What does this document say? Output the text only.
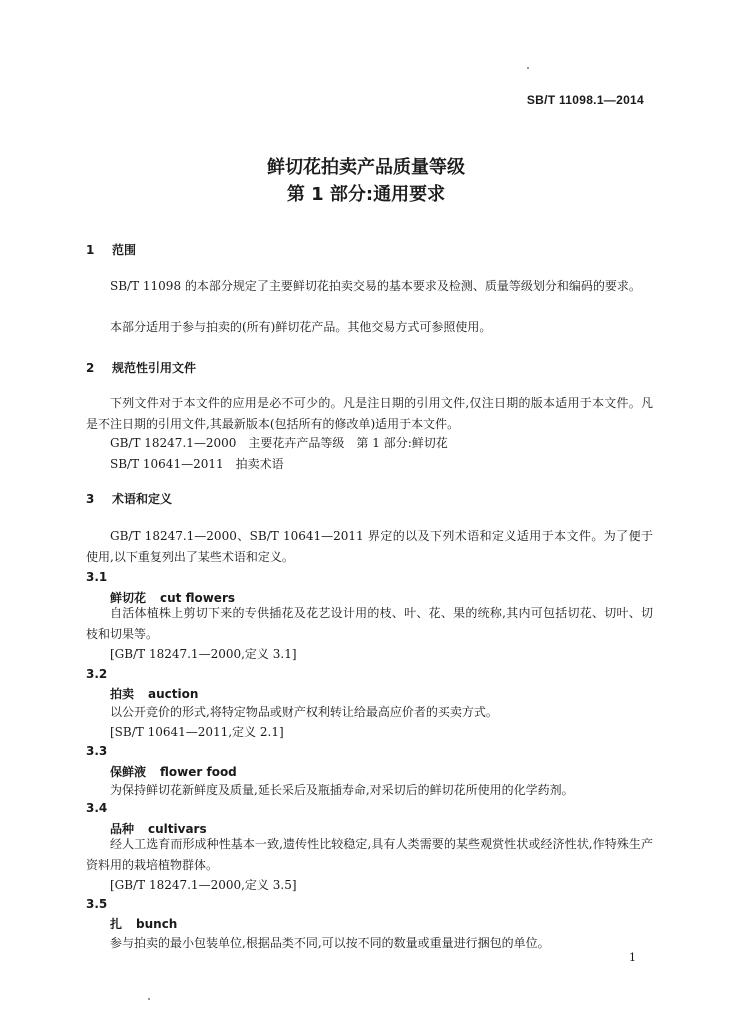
SB/T 11098.1—2014
鲜切花拍卖产品质量等级
第 1 部分:通用要求
1 范围
SB/T 11098 的本部分规定了主要鲜切花拍卖交易的基本要求及检测、质量等级划分和编码的要求。
本部分适用于参与拍卖的(所有)鲜切花产品。其他交易方式可参照使用。
2 规范性引用文件
下列文件对于本文件的应用是必不可少的。凡是注日期的引用文件,仅注日期的版本适用于本文件。凡是不注日期的引用文件,其最新版本(包括所有的修改单)适用于本文件。
GB/T 18247.1—2000　主要花卉产品等级　第 1 部分:鲜切花
SB/T 10641—2011　拍卖术语
3 术语和定义
GB/T 18247.1—2000、SB/T 10641—2011 界定的以及下列术语和定义适用于本文件。为了便于使用,以下重复列出了某些术语和定义。
3.1
鲜切花 cut flowers
自活体植株上剪切下来的专供插花及花艺设计用的枝、叶、花、果的统称,其内可包括切花、切叶、切枝和切果等。
[GB/T 18247.1—2000,定义 3.1]
3.2
拍卖 auction
以公开竞价的形式,将特定物品或财产权利转让给最高应价者的买卖方式。
[SB/T 10641—2011,定义 2.1]
3.3
保鲜液 flower food
为保持鲜切花新鲜度及质量,延长采后及瓶插寿命,对采切后的鲜切花所使用的化学药剂。
3.4
品种 cultivars
经人工选育而形成种性基本一致,遗传性比较稳定,具有人类需要的某些观赏性状或经济性状,作特殊生产资料用的栽培植物群体。
[GB/T 18247.1—2000,定义 3.5]
3.5
扎 bunch
参与拍卖的最小包装单位,根据品类不同,可以按不同的数量或重量进行捆包的单位。
1
